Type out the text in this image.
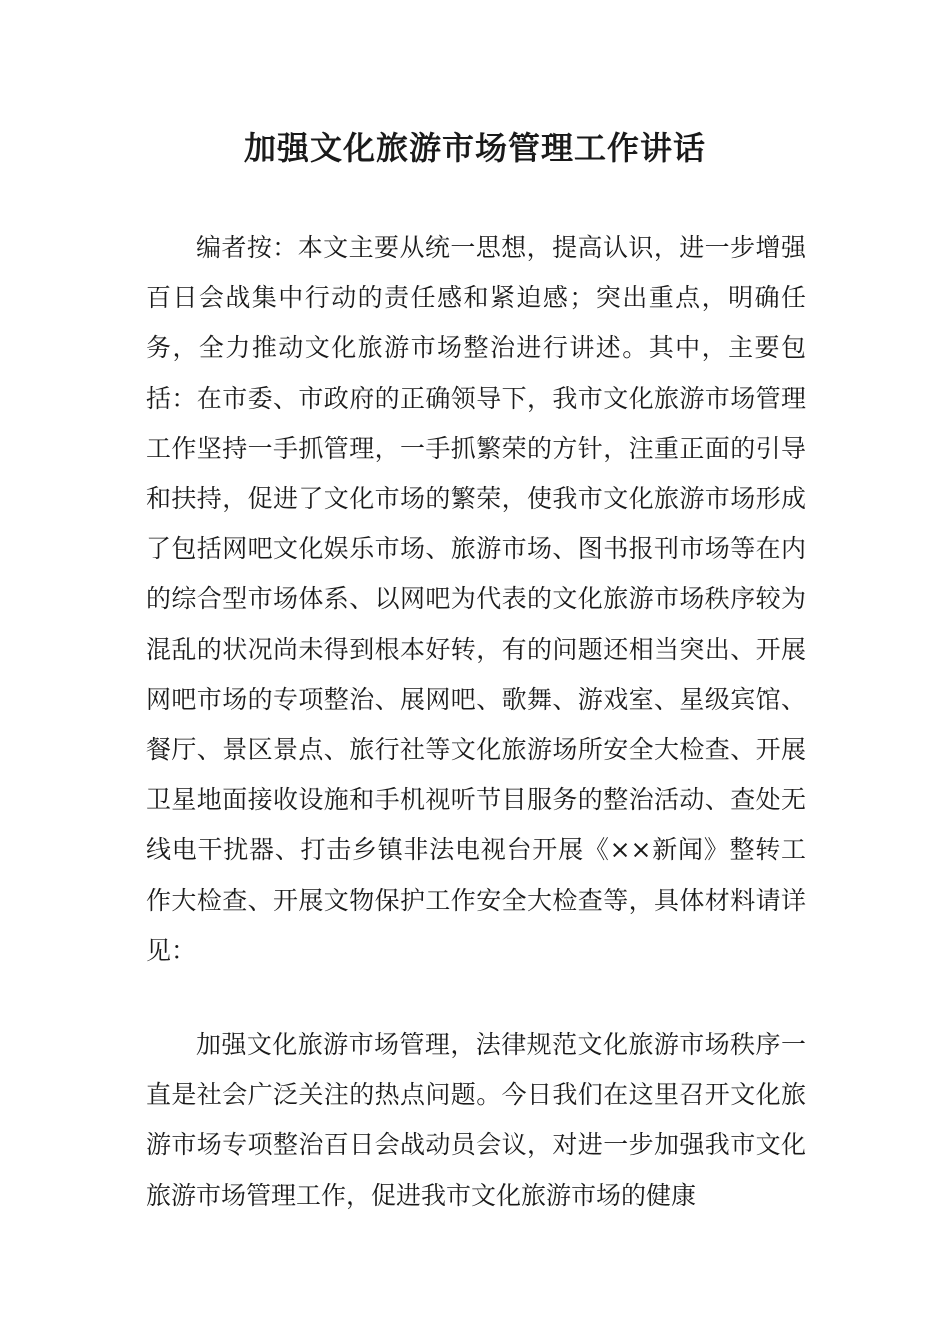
加强文化旅游市场管理工作讲话

编者按：本文主要从统一思想，提高认识，进一步增强百日会战集中行动的责任感和紧迫感；突出重点，明确任务，全力推动文化旅游市场整治进行讲述。其中，主要包括：在市委、市政府的正确领导下，我市文化旅游市场管理工作坚持一手抓管理，一手抓繁荣的方针，注重正面的引导和扶持，促进了文化市场的繁荣，使我市文化旅游市场形成了包括网吧文化娱乐市场、旅游市场、图书报刊市场等在内的综合型市场体系、以网吧为代表的文化旅游市场秩序较为混乱的状况尚未得到根本好转，有的问题还相当突出、开展网吧市场的专项整治、展网吧、歌舞、游戏室、星级宾馆、餐厅、景区景点、旅行社等文化旅游场所安全大检查、开展卫星地面接收设施和手机视听节目服务的整治活动、查处无线电干扰器、打击乡镇非法电视台开展《××新闻》整转工作大检查、开展文物保护工作安全大检查等，具体材料请详见：

加强文化旅游市场管理，法律规范文化旅游市场秩序一直是社会广泛关注的热点问题。今日我们在这里召开文化旅游市场专项整治百日会战动员会议，对进一步加强我市文化旅游市场管理工作，促进我市文化旅游市场的健康
